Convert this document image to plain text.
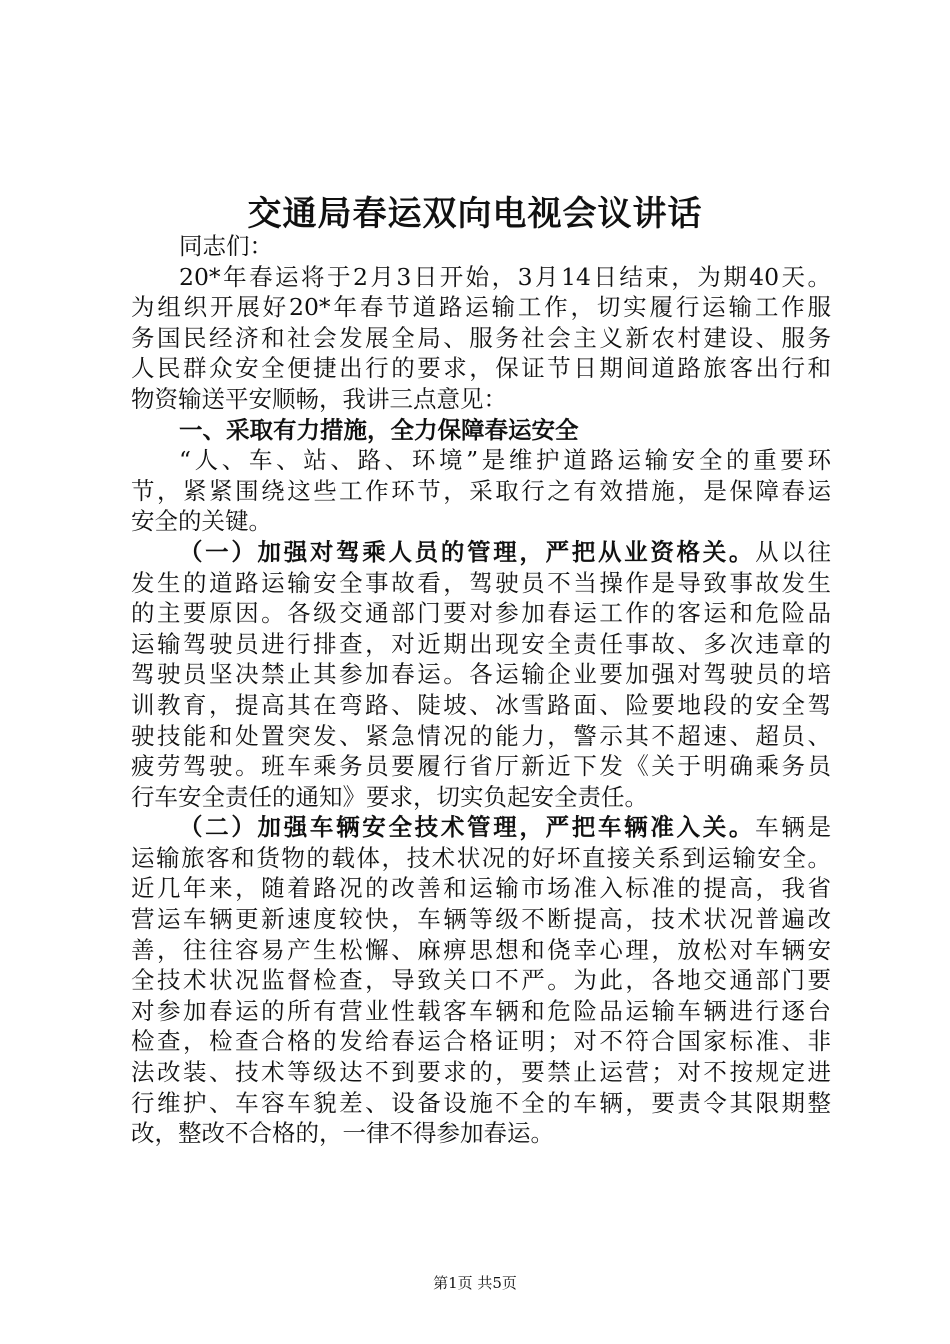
交通局春运双向电视会议讲话
同志们：
20*年春运将于2月3日开始，3月14日结束，为期40天。
为组织开展好20*年春节道路运输工作，切实履行运输工作服
务国民经济和社会发展全局、服务社会主义新农村建设、服务
人民群众安全便捷出行的要求，保证节日期间道路旅客出行和
物资输送平安顺畅，我讲三点意见：
一、采取有力措施，全力保障春运安全
“人、车、站、路、环境”是维护道路运输安全的重要环
节，紧紧围绕这些工作环节，采取行之有效措施，是保障春运
安全的关键。
（一）加强对驾乘人员的管理，严把从业资格关。从以往
发生的道路运输安全事故看，驾驶员不当操作是导致事故发生
的主要原因。各级交通部门要对参加春运工作的客运和危险品
运输驾驶员进行排查，对近期出现安全责任事故、多次违章的
驾驶员坚决禁止其参加春运。各运输企业要加强对驾驶员的培
训教育，提高其在弯路、陡坡、冰雪路面、险要地段的安全驾
驶技能和处置突发、紧急情况的能力，警示其不超速、超员、
疲劳驾驶。班车乘务员要履行省厅新近下发《关于明确乘务员
行车安全责任的通知》要求，切实负起安全责任。
（二）加强车辆安全技术管理，严把车辆准入关。车辆是
运输旅客和货物的载体，技术状况的好坏直接关系到运输安全。
近几年来，随着路况的改善和运输市场准入标准的提高，我省
营运车辆更新速度较快，车辆等级不断提高，技术状况普遍改
善，往往容易产生松懈、麻痹思想和侥幸心理，放松对车辆安
全技术状况监督检查，导致关口不严。为此，各地交通部门要
对参加春运的所有营业性载客车辆和危险品运输车辆进行逐台
检查，检查合格的发给春运合格证明；对不符合国家标准、非
法改装、技术等级达不到要求的，要禁止运营；对不按规定进
行维护、车容车貌差、设备设施不全的车辆，要责令其限期整
改，整改不合格的，一律不得参加春运。
第1页 共5页
